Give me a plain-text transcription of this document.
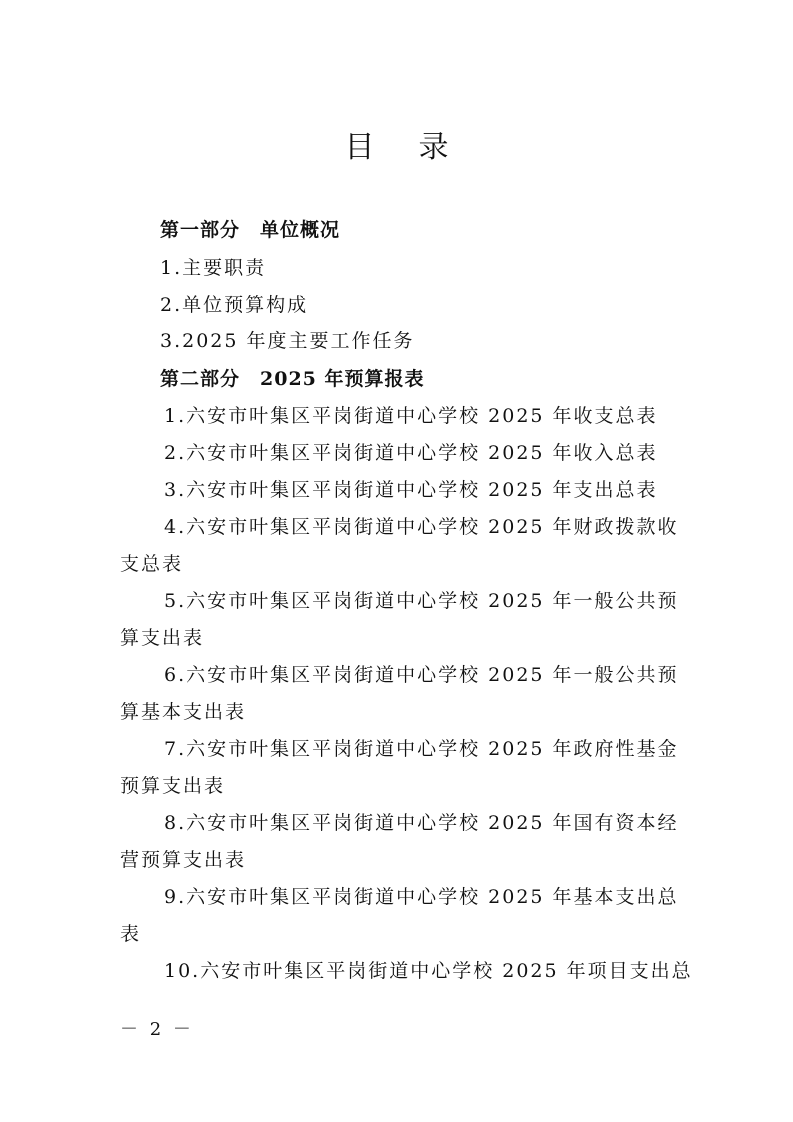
目录
第一部分　单位概况
1.主要职责
2.单位预算构成
3.2025 年度主要工作任务
第二部分　2025 年预算报表
1.六安市叶集区平岗街道中心学校 2025 年收支总表
2.六安市叶集区平岗街道中心学校 2025 年收入总表
3.六安市叶集区平岗街道中心学校 2025 年支出总表
4.六安市叶集区平岗街道中心学校 2025 年财政拨款收
支总表
5.六安市叶集区平岗街道中心学校 2025 年一般公共预
算支出表
6.六安市叶集区平岗街道中心学校 2025 年一般公共预
算基本支出表
7.六安市叶集区平岗街道中心学校 2025 年政府性基金
预算支出表
8.六安市叶集区平岗街道中心学校 2025 年国有资本经
营预算支出表
9.六安市叶集区平岗街道中心学校 2025 年基本支出总
表
10.六安市叶集区平岗街道中心学校 2025 年项目支出总
－ 2 －
